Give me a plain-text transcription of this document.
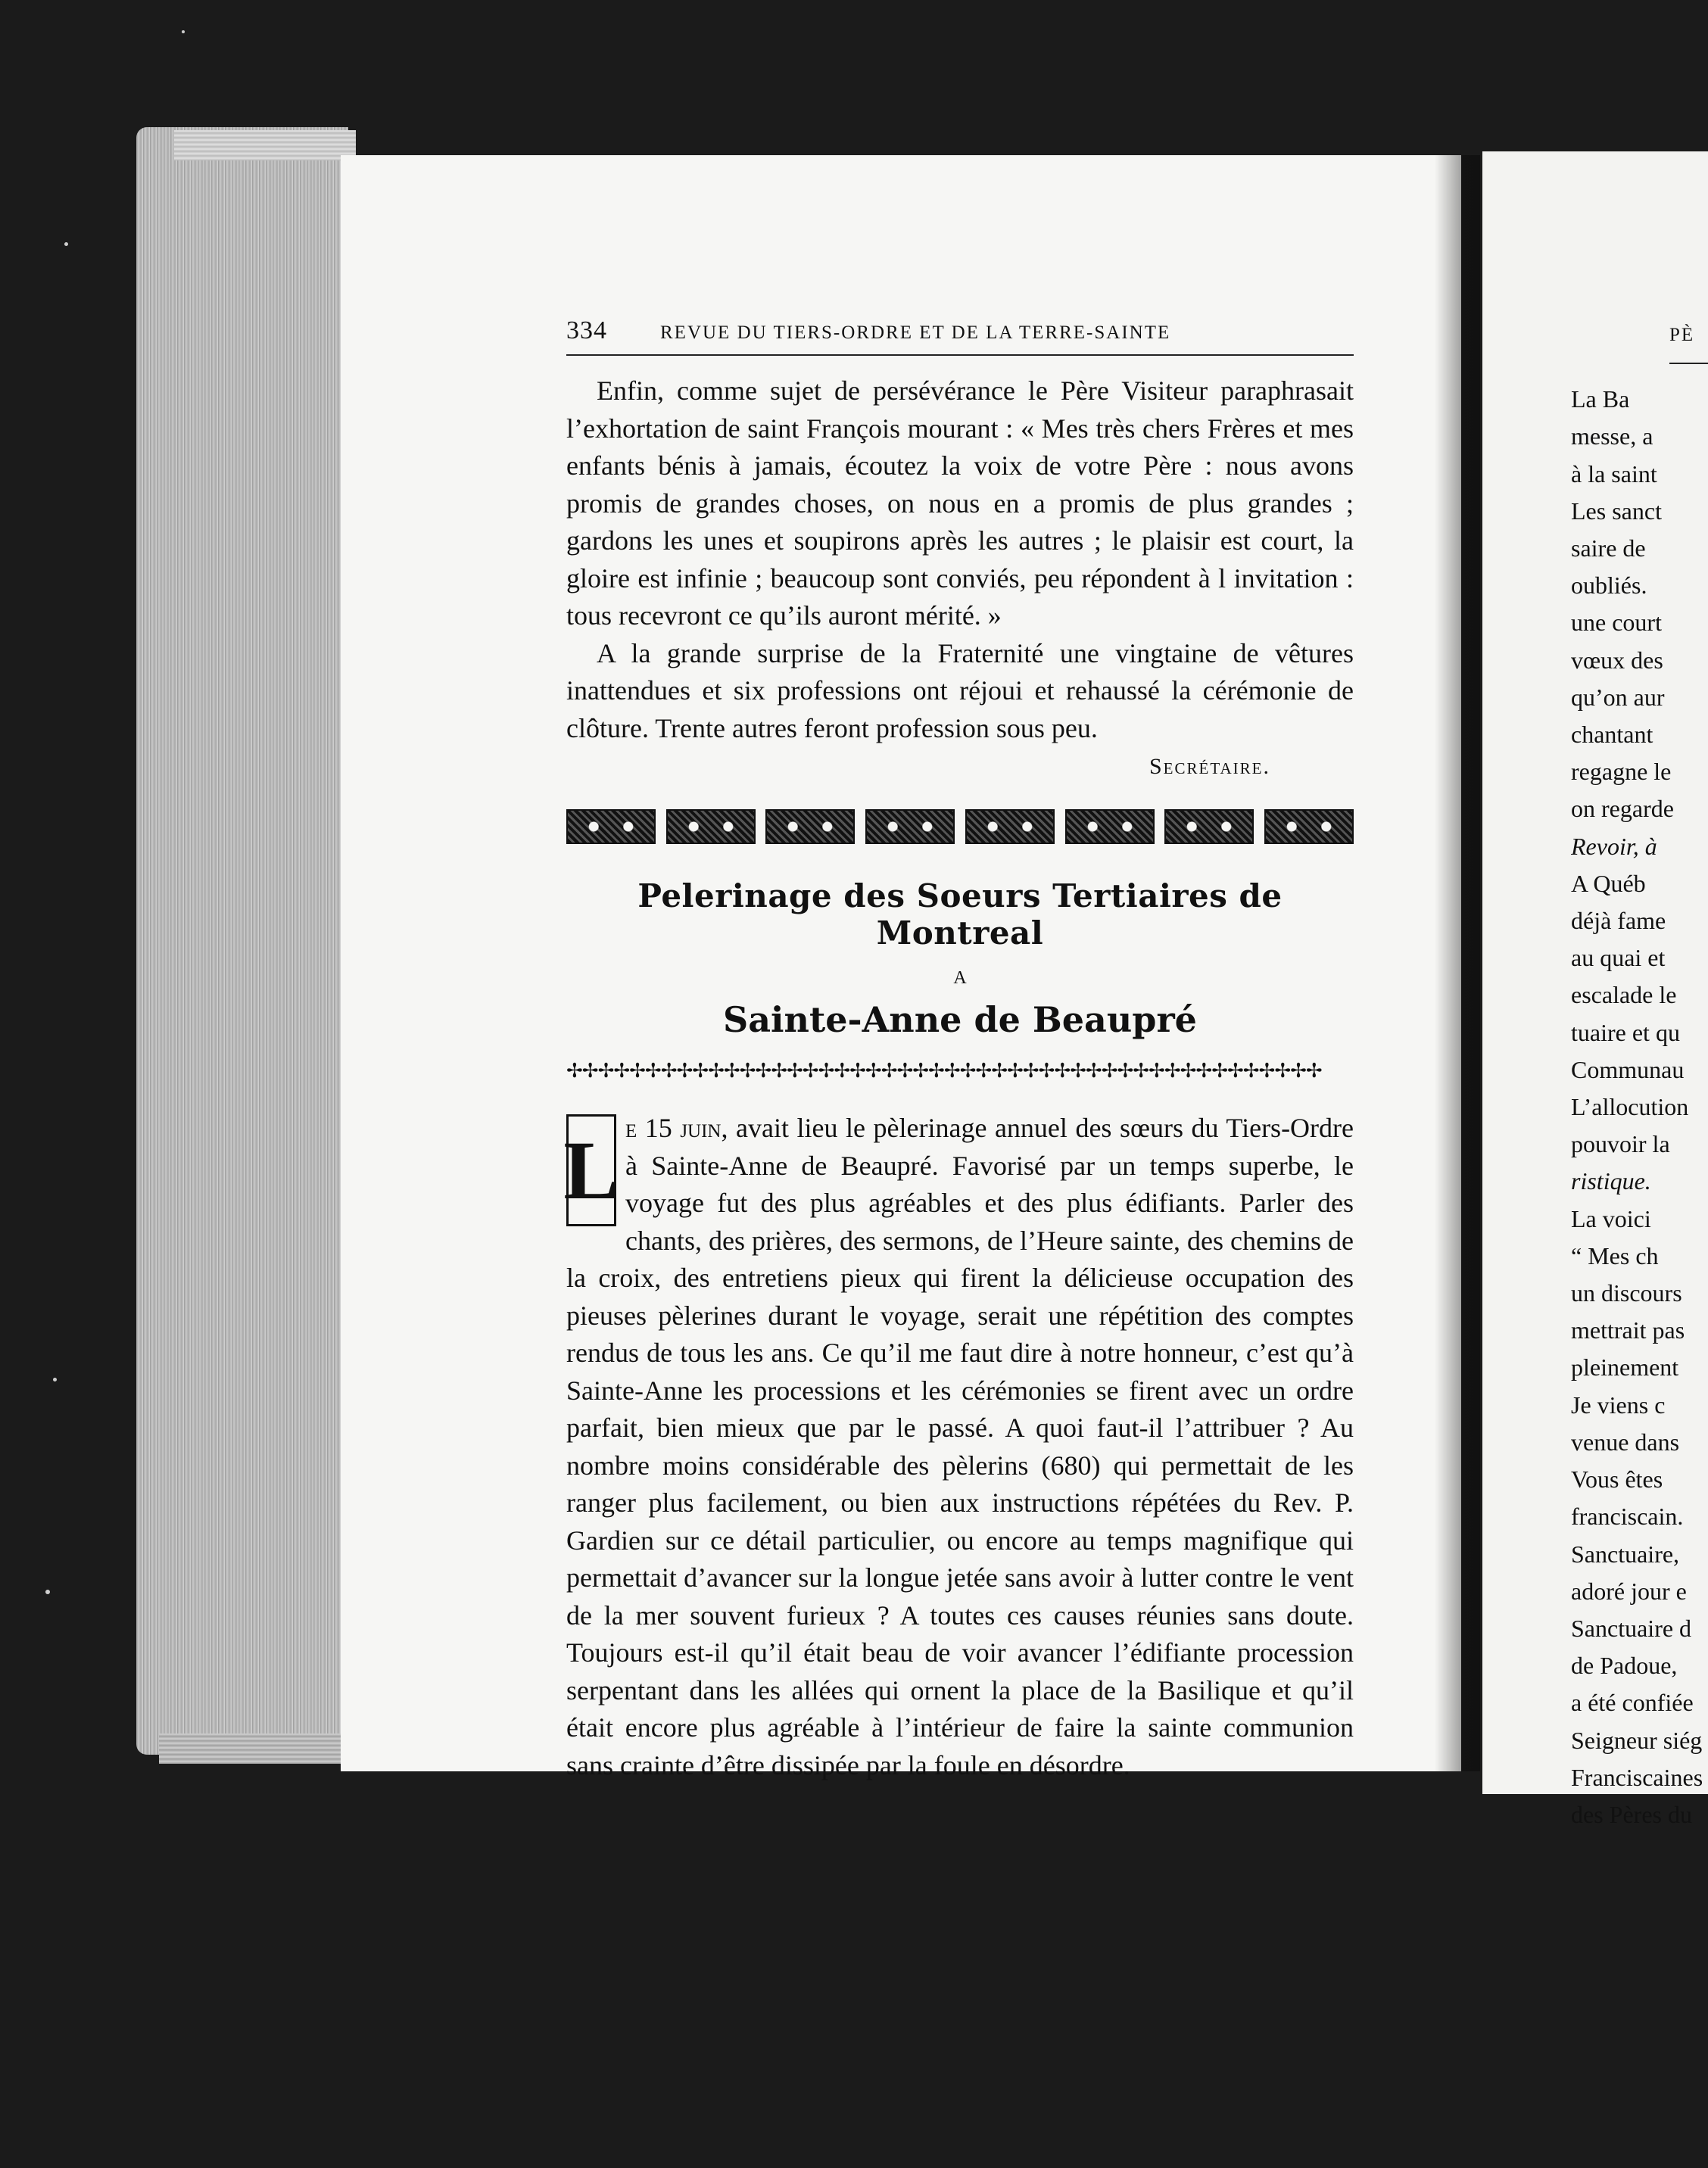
334	REVUE DU TIERS-ORDRE ET DE LA TERRE-SAINTE

Enfin, comme sujet de persévérance le Père Visiteur paraphrasait l’exhortation de saint François mourant : « Mes très chers Frères et mes enfants bénis à jamais, écoutez la voix de votre Père : nous avons promis de grandes choses, on nous en a promis de plus grandes ; gardons les unes et soupirons après les autres ; le plaisir est court, la gloire est infinie ; beaucoup sont conviés, peu répondent à l invitation : tous recevront ce qu’ils auront mérité. »

A la grande surprise de la Fraternité une vingtaine de vêtures inattendues et six professions ont réjoui et rehaussé la cérémonie de clôture. Trente autres feront profession sous peu.

Secrétaire.
Pelerinage des Soeurs Tertiaires de Montreal
A
Sainte-Anne de Beaupré
✢✢✢✢✢✢✢✢✢✢✢✢✢✢✢✢✢✢✢✢✢✢✢✢✢✢✢✢✢✢✢✢✢✢✢✢✢✢✢✢✢✢✢✢✢✢✢✢
L e 15 juin, avait lieu le pèlerinage annuel des sœurs du Tiers-Ordre à Sainte-Anne de Beaupré. Favorisé par un temps superbe, le voyage fut des plus agréables et des plus édifiants. Parler des chants, des prières, des sermons, de l’Heure sainte, des chemins de la croix, des entretiens pieux qui firent la délicieuse occupation des pieuses pèlerines durant le voyage, serait une répétition des comptes rendus de tous les ans. Ce qu’il me faut dire à notre honneur, c’est qu’à Sainte-Anne les processions et les cérémonies se firent avec un ordre parfait, bien mieux que par le passé. A quoi faut-il l’attribuer ? Au nombre moins considérable des pèlerins (680) qui permettait de les ranger plus facilement, ou bien aux instructions répétées du Rev. P. Gardien sur ce détail particulier, ou encore au temps magnifique qui permettait d’avancer sur la longue jetée sans avoir à lutter contre le vent de la mer souvent furieux ? A toutes ces causes réunies sans doute. Toujours est-il qu’il était beau de voir avancer l’édifiante procession serpentant dans les allées qui ornent la place de la Basilique et qu’il était encore plus agréable à l’intérieur de faire la sainte communion sans crainte d’être dissipée par la foule en désordre.

PÈ
La Ba
messe, a
à la saint
Les sanct
saire de
oubliés.
une court
vœux des
qu’on aur
chantant
regagne le
on regarde
Revoir, à
A Québ
déjà fame
au quai et
escalade le
tuaire et qu
Communau
L’allocution
pouvoir la
ristique.
La voici
“ Mes ch
un discours
mettrait pas
pleinement
Je viens c
venue dans
Vous êtes
franciscain.
Sanctuaire,
adoré jour e
Sanctuaire d
de Padoue,
a été confiée
Seigneur siég
Franciscaines
des Pères du
